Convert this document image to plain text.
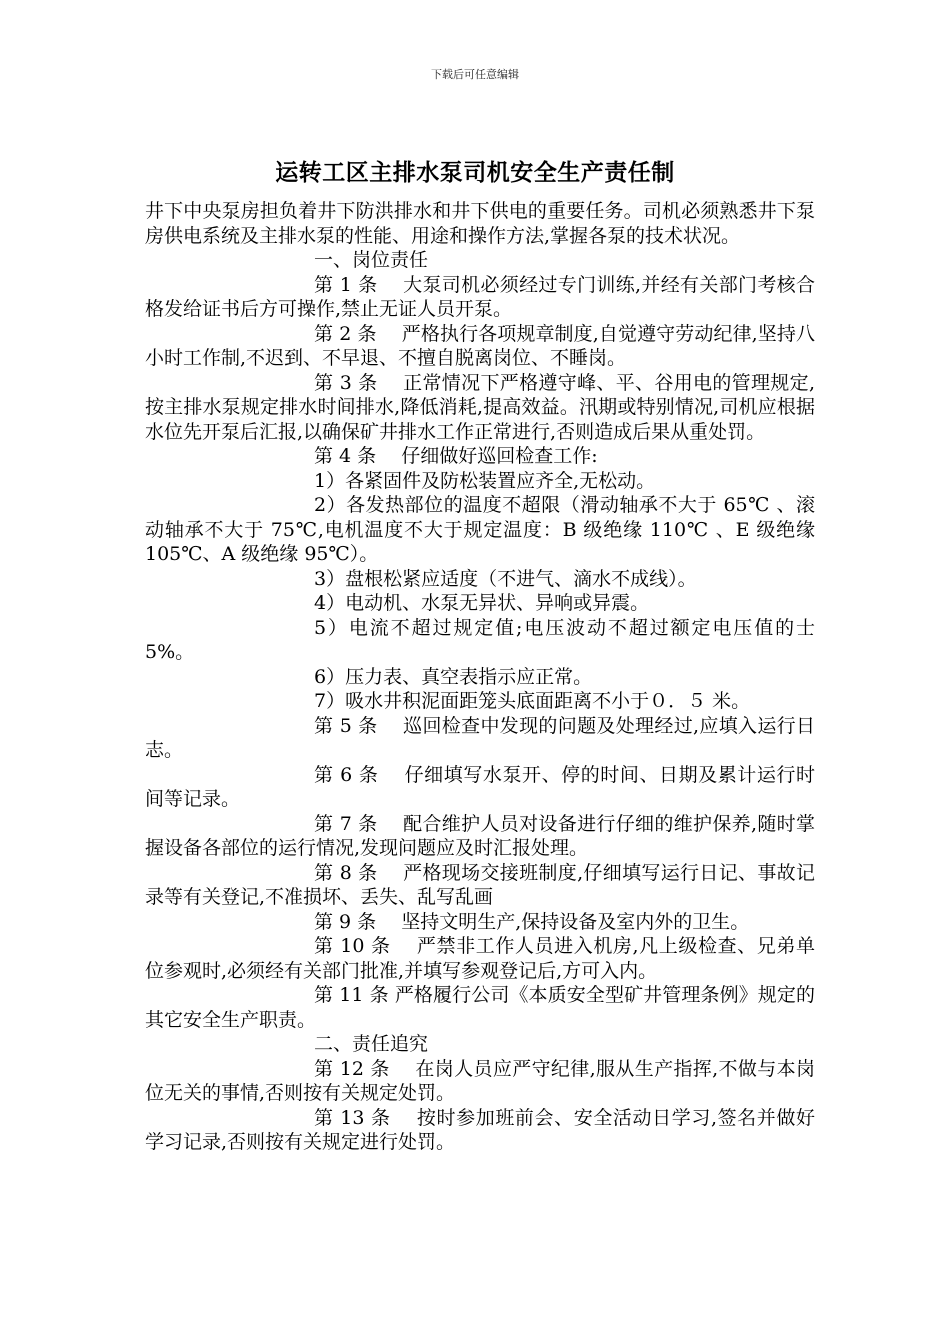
下载后可任意编辑
运转工区主排水泵司机安全生产责任制

井下中央泵房担负着井下防洪排水和井下供电的重要任务。司机必须熟悉井下泵房供电系统及主排水泵的性能、用途和操作方法,掌握各泵的技术状况。

一、岗位责任

第 1 条　 大泵司机必须经过专门训练,并经有关部门考核合格发给证书后方可操作,禁止无证人员开泵。

第 2 条　 严格执行各项规章制度,自觉遵守劳动纪律,坚持八小时工作制,不迟到、不早退、不擅自脱离岗位、不睡岗。

第 3 条　 正常情况下严格遵守峰、平、谷用电的管理规定,按主排水泵规定排水时间排水,降低消耗,提高效益。汛期或特别情况,司机应根据水位先开泵后汇报,以确保矿井排水工作正常进行,否则造成后果从重处罚。

第 4 条　 仔细做好巡回检查工作:

1）各紧固件及防松装置应齐全,无松动。

2）各发热部位的温度不超限（滑动轴承不大于 65℃ 、滚动轴承不大于 75℃,电机温度不大于规定温度：B 级绝缘 110℃ 、E 级绝缘 105℃、A 级绝缘 95℃）。

3）盘根松紧应适度（不进气、滴水不成线）。

4）电动机、水泵无异状、异响或异震。

5）电流不超过规定值;电压波动不超过额定电压值的士 5%。

6）压力表、真空表指示应正常。

7）吸水井积泥面距笼头底面距离不小于０．５ 米。

第 5 条　 巡回检查中发现的问题及处理经过,应填入运行日志。

第 6 条　 仔细填写水泵开、停的时间、日期及累计运行时间等记录。

第 7 条　 配合维护人员对设备进行仔细的维护保养,随时掌握设备各部位的运行情况,发现问题应及时汇报处理。

第 8 条　 严格现场交接班制度,仔细填写运行日记、事故记录等有关登记,不准损坏、丢失、乱写乱画

第 9 条　 坚持文明生产,保持设备及室内外的卫生。

第 10 条　 严禁非工作人员进入机房,凡上级检查、兄弟单位参观时,必须经有关部门批准,并填写参观登记后,方可入内。

第 11 条 严格履行公司《本质安全型矿井管理条例》规定的其它安全生产职责。

二、责任追究

第 12 条　 在岗人员应严守纪律,服从生产指挥,不做与本岗位无关的事情,否则按有关规定处罚。

第 13 条　 按时参加班前会、安全活动日学习,签名并做好学习记录,否则按有关规定进行处罚。
